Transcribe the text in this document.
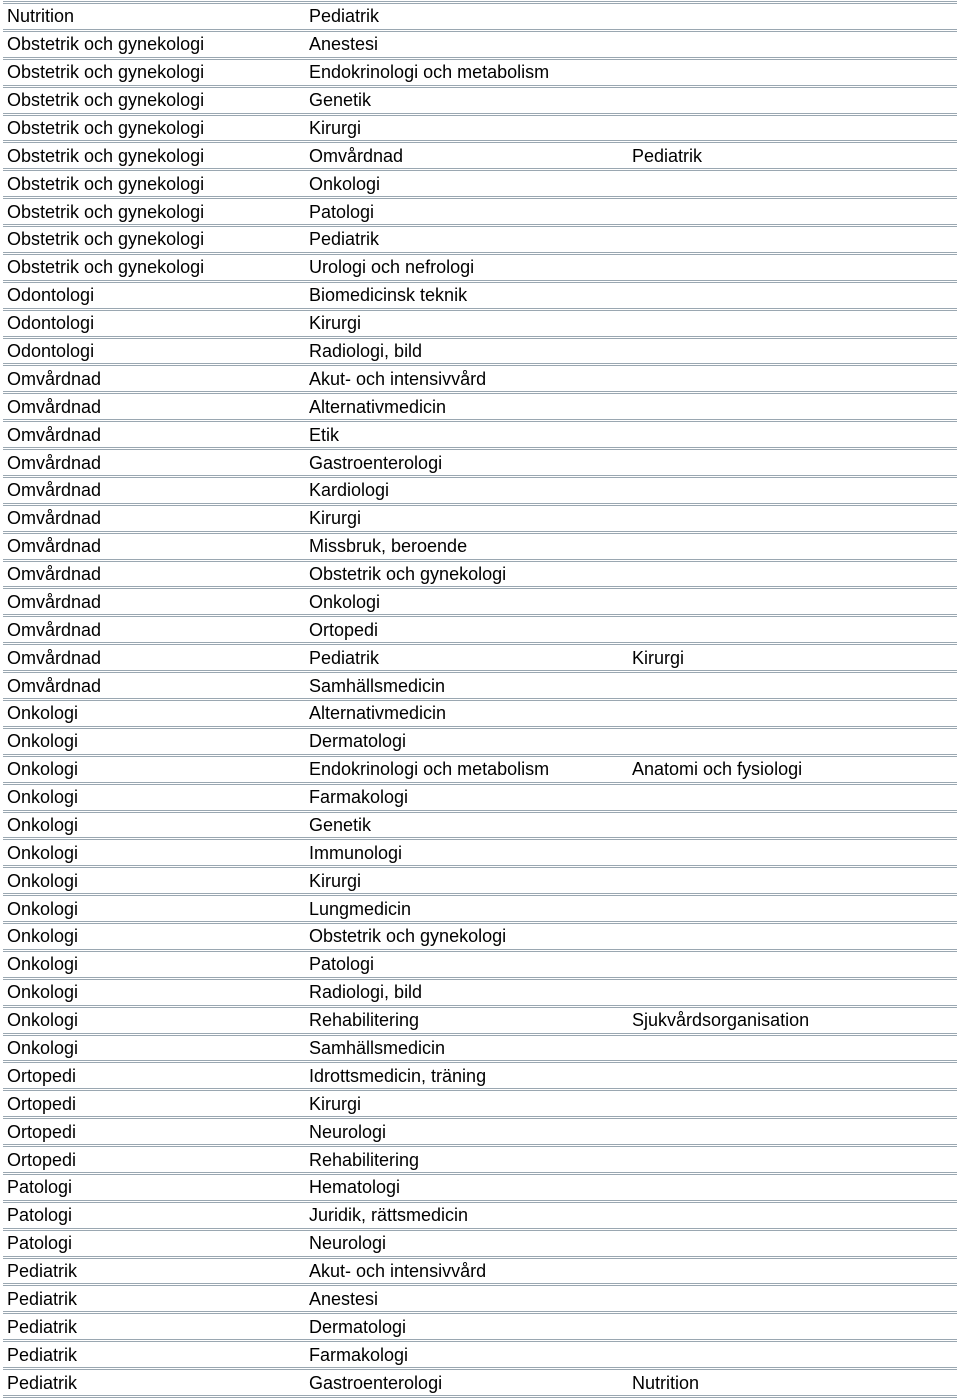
Nutrition	Pediatrik
Obstetrik och gynekologi	Anestesi
Obstetrik och gynekologi	Endokrinologi och metabolism
Obstetrik och gynekologi	Genetik
Obstetrik och gynekologi	Kirurgi
Obstetrik och gynekologi	Omvårdnad	Pediatrik
Obstetrik och gynekologi	Onkologi
Obstetrik och gynekologi	Patologi
Obstetrik och gynekologi	Pediatrik
Obstetrik och gynekologi	Urologi och nefrologi
Odontologi	Biomedicinsk teknik
Odontologi	Kirurgi
Odontologi	Radiologi, bild
Omvårdnad	Akut- och intensivvård
Omvårdnad	Alternativmedicin
Omvårdnad	Etik
Omvårdnad	Gastroenterologi
Omvårdnad	Kardiologi
Omvårdnad	Kirurgi
Omvårdnad	Missbruk, beroende
Omvårdnad	Obstetrik och gynekologi
Omvårdnad	Onkologi
Omvårdnad	Ortopedi
Omvårdnad	Pediatrik	Kirurgi
Omvårdnad	Samhällsmedicin
Onkologi	Alternativmedicin
Onkologi	Dermatologi
Onkologi	Endokrinologi och metabolism	Anatomi och fysiologi
Onkologi	Farmakologi
Onkologi	Genetik
Onkologi	Immunologi
Onkologi	Kirurgi
Onkologi	Lungmedicin
Onkologi	Obstetrik och gynekologi
Onkologi	Patologi
Onkologi	Radiologi, bild
Onkologi	Rehabilitering	Sjukvårdsorganisation
Onkologi	Samhällsmedicin
Ortopedi	Idrottsmedicin, träning
Ortopedi	Kirurgi
Ortopedi	Neurologi
Ortopedi	Rehabilitering
Patologi	Hematologi
Patologi	Juridik, rättsmedicin
Patologi	Neurologi
Pediatrik	Akut- och intensivvård
Pediatrik	Anestesi
Pediatrik	Dermatologi
Pediatrik	Farmakologi
Pediatrik	Gastroenterologi	Nutrition
